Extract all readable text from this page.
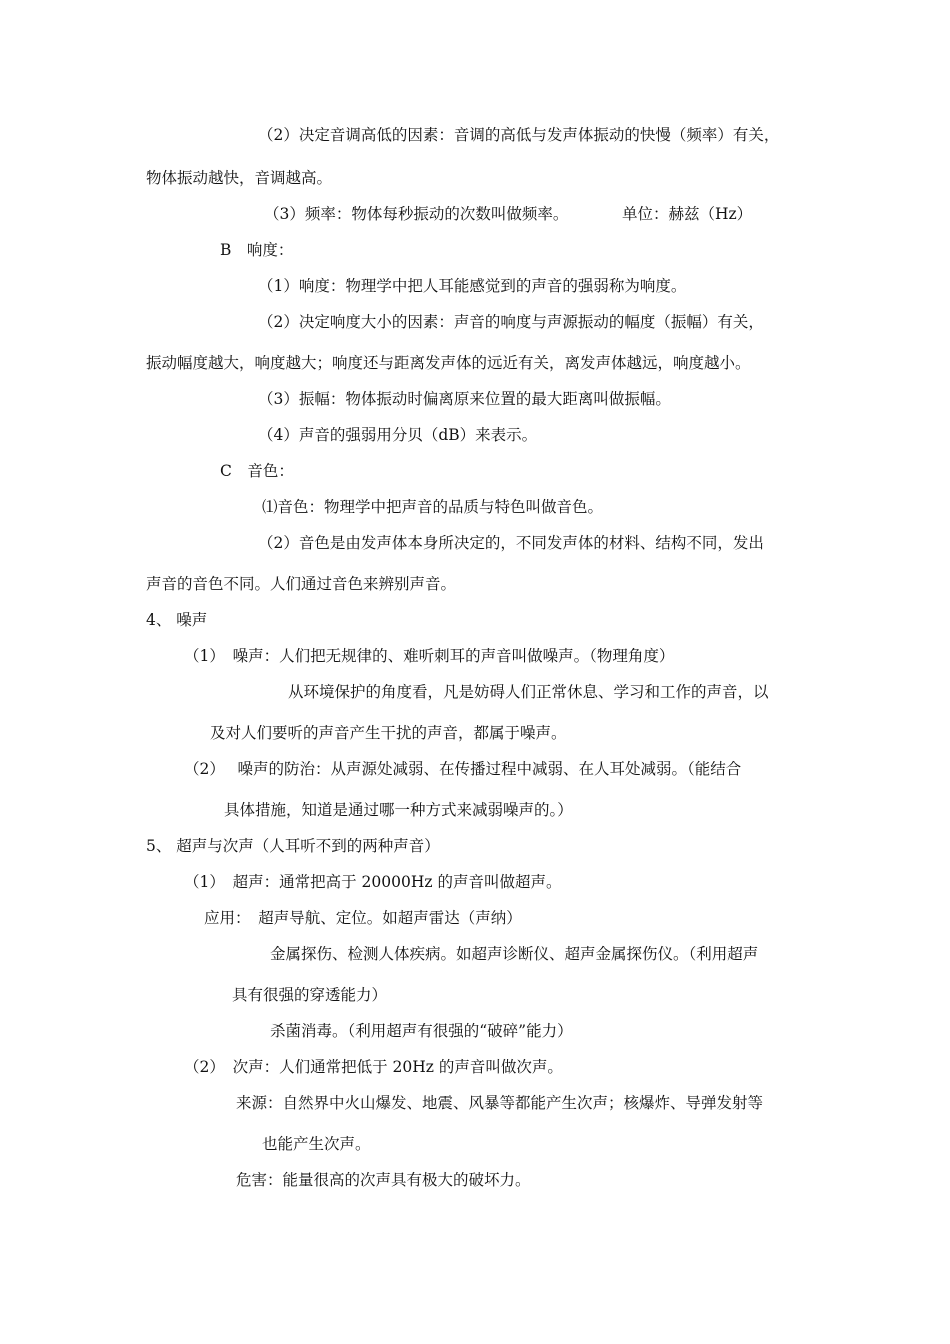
（2）决定音调高低的因素：音调的高低与发声体振动的快慢（频率）有关，
物体振动越快，音调越高。
（3）频率：物体每秒振动的次数叫做频率。	单位：赫兹（Hz）
B　响度：
（1）响度：物理学中把人耳能感觉到的声音的强弱称为响度。
（2）决定响度大小的因素：声音的响度与声源振动的幅度（振幅）有关，
振动幅度越大，响度越大；响度还与距离发声体的远近有关，离发声体越远，响度越小。
（3）振幅：物体振动时偏离原来位置的最大距离叫做振幅。
（4）声音的强弱用分贝（dB）来表示。
C　音色：
⑴音色：物理学中把声音的品质与特色叫做音色。
（2）音色是由发声体本身所决定的，不同发声体的材料、结构不同，发出
声音的音色不同。人们通过音色来辨别声音。
4、 噪声
（1）　噪声：人们把无规律的、难听刺耳的声音叫做噪声。（物理角度）
从环境保护的角度看，凡是妨碍人们正常休息、学习和工作的声音，以
及对人们要听的声音产生干扰的声音，都属于噪声。
（2）　 噪声的防治：从声源处减弱、在传播过程中减弱、在人耳处减弱。（能结合
具体措施，知道是通过哪一种方式来减弱噪声的。）
5、 超声与次声（人耳听不到的两种声音）
（1）　超声：通常把高于 20000Hz 的声音叫做超声。
应用：　超声导航、定位。如超声雷达（声纳）
金属探伤、检测人体疾病。如超声诊断仪、超声金属探伤仪。（利用超声
具有很强的穿透能力）
杀菌消毒。（利用超声有很强的“破碎”能力）
（2）　次声：人们通常把低于 20Hz 的声音叫做次声。
来源：自然界中火山爆发、地震、风暴等都能产生次声；核爆炸、导弹发射等
也能产生次声。
危害：能量很高的次声具有极大的破坏力。
